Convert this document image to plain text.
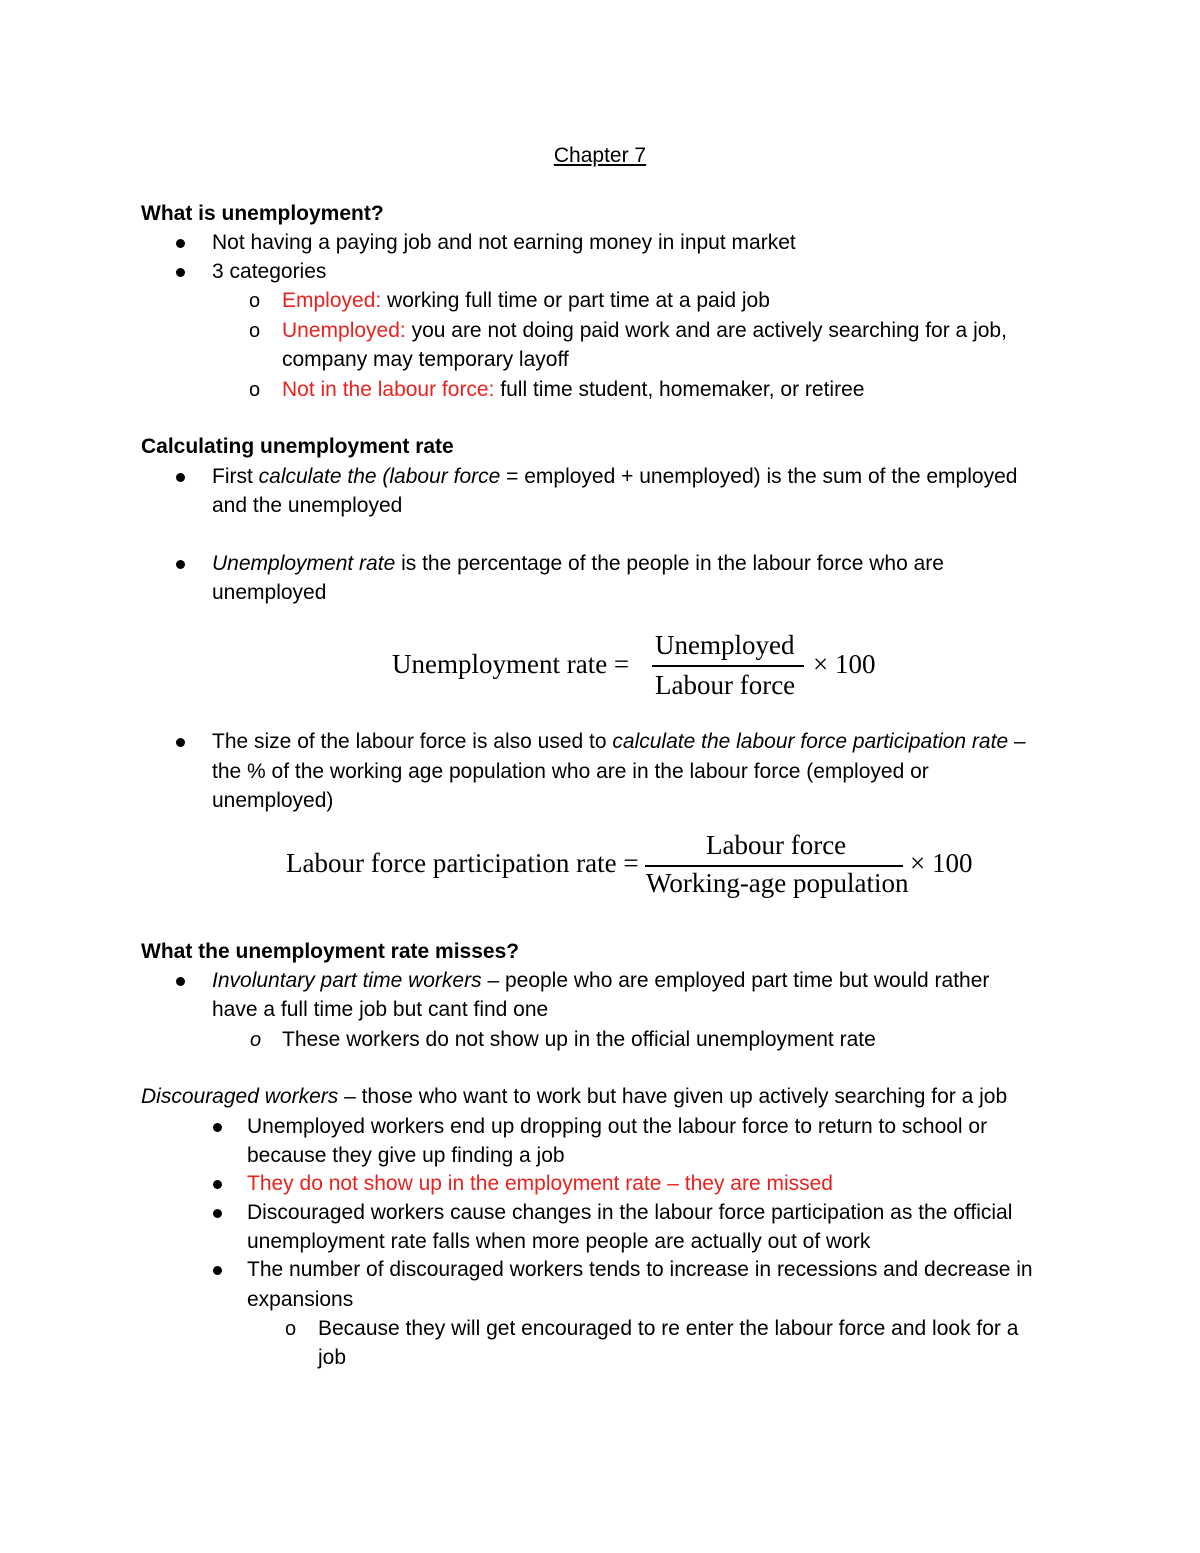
Chapter 7
What is unemployment?
Not having a paying job and not earning money in input market
3 categories
o Employed: working full time or part time at a paid job
o Unemployed: you are not doing paid work and are actively searching for a job,
company may temporary layoff
o Not in the labour force: full time student, homemaker, or retiree
Calculating unemployment rate
First calculate the (labour force = employed + unemployed) is the sum of the employed
and the unemployed
Unemployment rate is the percentage of the people in the labour force who are
unemployed
Unemployment rate =
Unemployed
Labour force
× 100
The size of the labour force is also used to calculate the labour force participation rate –
the % of the working age population who are in the labour force (employed or
unemployed)
Labour force participation rate =
Labour force
Working-age population
× 100
What the unemployment rate misses?
Involuntary part time workers – people who are employed part time but would rather
have a full time job but cant find one
o These workers do not show up in the official unemployment rate
Discouraged workers – those who want to work but have given up actively searching for a job
Unemployed workers end up dropping out the labour force to return to school or
because they give up finding a job
They do not show up in the employment rate – they are missed
Discouraged workers cause changes in the labour force participation as the official
unemployment rate falls when more people are actually out of work
The number of discouraged workers tends to increase in recessions and decrease in
expansions
o Because they will get encouraged to re enter the labour force and look for a
job
